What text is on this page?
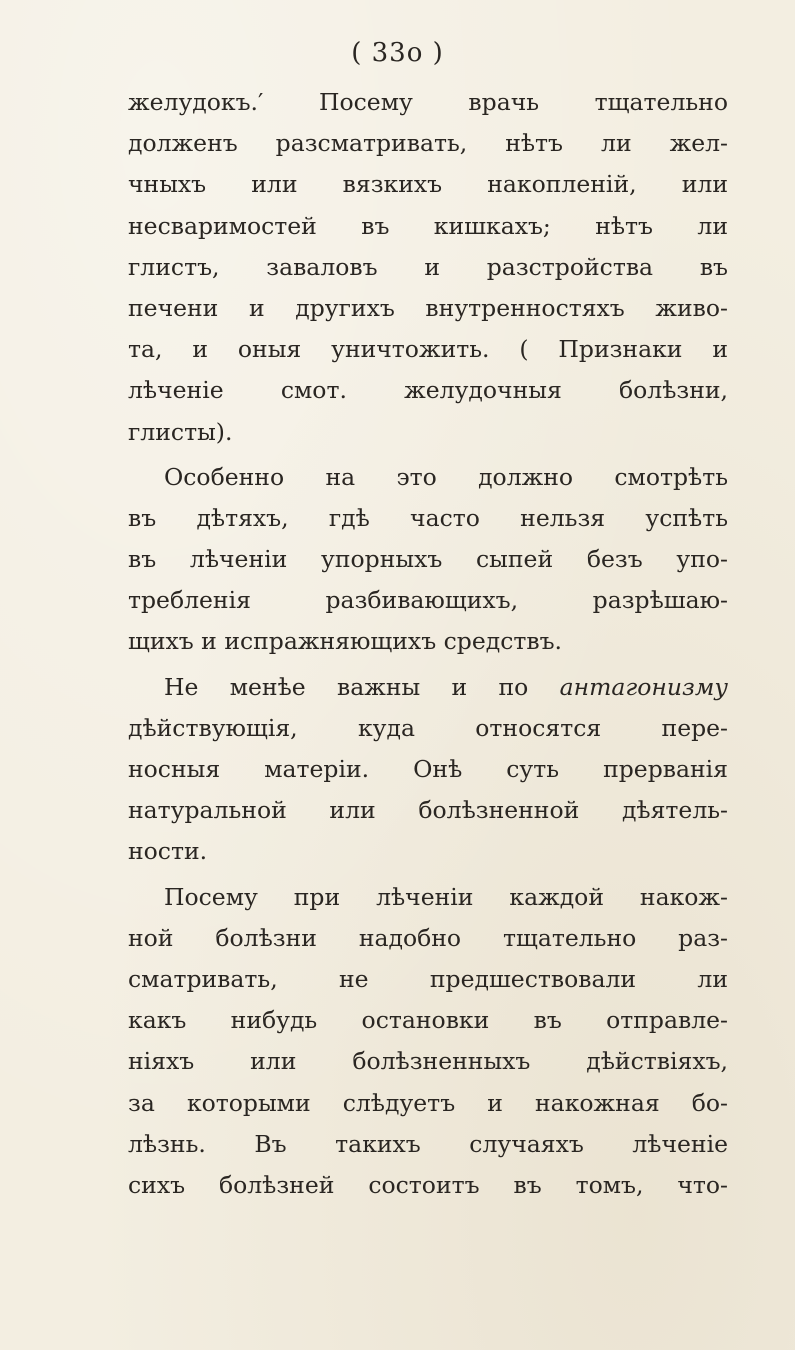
( 33о )
желудокъ.′ Посему врачь тщательно
долженъ разсматривать, нѣтъ ли жел-
чныхъ или вязкихъ накопленій, или
несваримостей въ кишкахъ; нѣтъ ли
глистъ, заваловъ и разстройства въ
печени и другихъ внутренностяхъ живо-
та, и оныя уничтожить. ( Признаки и
лѣченіе смот. желудочныя болѣзни,
глисты).
Особенно на это должно смотрѣть
въ дѣтяхъ, гдѣ часто нельзя успѣть
въ лѣченіи упорныхъ сыпей безъ упо-
требленія разбивающихъ, разрѣшаю-
щихъ и испражняющихъ средствъ.
Не менѣе важны и по антагонизму
дѣйствующія, куда относятся пере-
носныя матеріи. Онѣ суть прерванія
натуральной или болѣзненной дѣятель-
ности.
Посему при лѣченіи каждой накож-
ной болѣзни надобно тщательно раз-
сматривать, не предшествовали ли
какъ нибудь остановки въ отправле-
ніяхъ или болѣзненныхъ дѣйствіяхъ,
за которыми слѣдуетъ и накожная бо-
лѣзнь. Въ такихъ случаяхъ лѣченіе
сихъ болѣзней состоитъ въ томъ, что-
